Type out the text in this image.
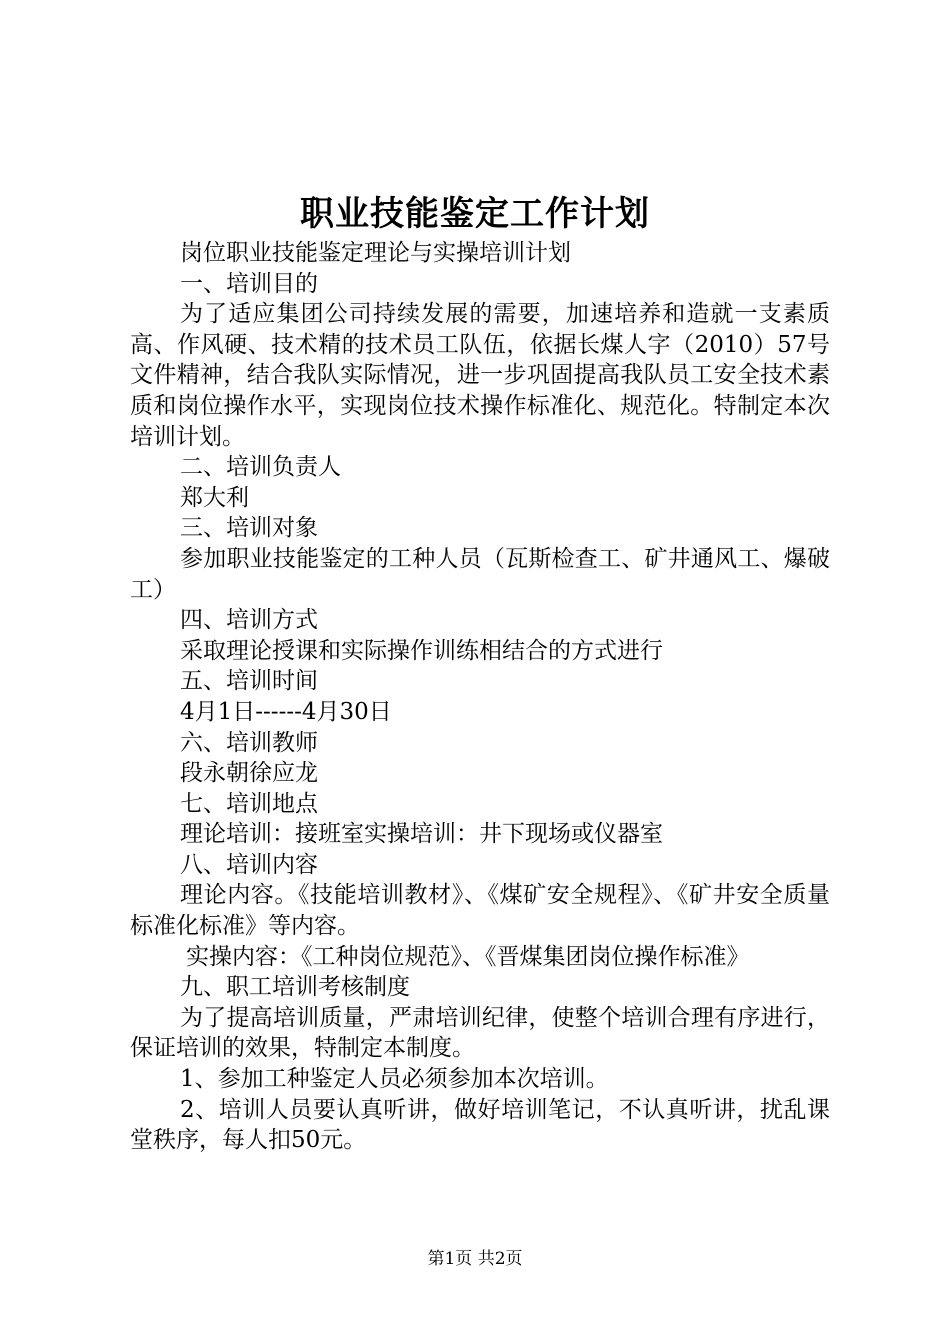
职业技能鉴定工作计划

岗位职业技能鉴定理论与实操培训计划

一、培训目的

为了适应集团公司持续发展的需要，加速培养和造就一支素质高、作风硬、技术精的技术员工队伍，依据长煤人字（2010）57号文件精神，结合我队实际情况，进一步巩固提高我队员工安全技术素质和岗位操作水平，实现岗位技术操作标准化、规范化。特制定本次培训计划。

二、培训负责人

郑大利

三、培训对象

参加职业技能鉴定的工种人员（瓦斯检查工、矿井通风工、爆破工）

四、培训方式

采取理论授课和实际操作训练相结合的方式进行

五、培训时间

4月1日------4月30日

六、培训教师

段永朝徐应龙

七、培训地点

理论培训：接班室实操培训：井下现场或仪器室

八、培训内容

理论内容。《技能培训教材》、《煤矿安全规程》、《矿井安全质量标准化标准》等内容。

实操内容：《工种岗位规范》、《晋煤集团岗位操作标准》

九、职工培训考核制度

为了提高培训质量，严肃培训纪律，使整个培训合理有序进行，保证培训的效果，特制定本制度。

1、参加工种鉴定人员必须参加本次培训。

2、培训人员要认真听讲，做好培训笔记，不认真听讲，扰乱课堂秩序，每人扣50元。

第1页 共2页
